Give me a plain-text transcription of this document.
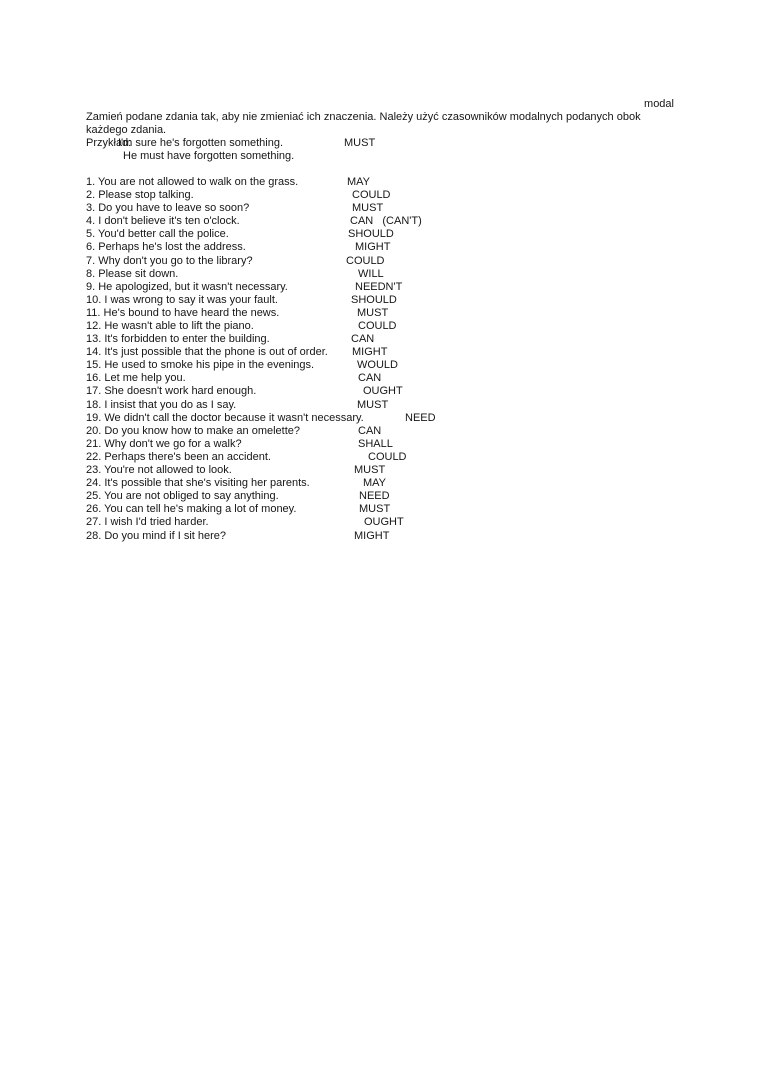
modal
Zamień podane zdania tak, aby nie zmieniać ich znaczenia. Należy użyć czasowników modalnych podanych obok
każdego zdania.
Przykład:
I'm sure he's forgotten something.	MUST
He must have forgotten something.
1. You are not allowed to walk on the grass.	MAY
2. Please stop talking.	COULD
3. Do you have to leave so soon?	MUST
4. I don't believe it's ten o'clock.	CAN   (CAN'T)
5. You'd better call the police.	SHOULD
6. Perhaps he's lost the address.	MIGHT
7. Why don't you go to the library?	COULD
8. Please sit down.	WILL
9. He apologized, but it wasn't necessary.	NEEDN'T
10. I was wrong to say it was your fault.	SHOULD
11. He's bound to have heard the news.	MUST
12. He wasn't able to lift the piano.	COULD
13. It's forbidden to enter the building.	CAN
14. It's just possible that the phone is out of order. MIGHT
15. He used to smoke his pipe in the evenings.	WOULD
16. Let me help you.	CAN
17. She doesn't work hard enough.	OUGHT
18. I insist that you do as I say.	MUST
19. We didn't call the doctor because it wasn't necessary.	NEED
20. Do you know how to make an omelette?	CAN
21. Why don't we go for a walk?	SHALL
22. Perhaps there's been an accident.	COULD
23. You're not allowed to look.	MUST
24. It's possible that she's visiting her parents.	MAY
25. You are not obliged to say anything.	NEED
26. You can tell he's making a lot of money.	MUST
27. I wish I'd tried harder.	OUGHT
28. Do you mind if I sit here?	MIGHT
